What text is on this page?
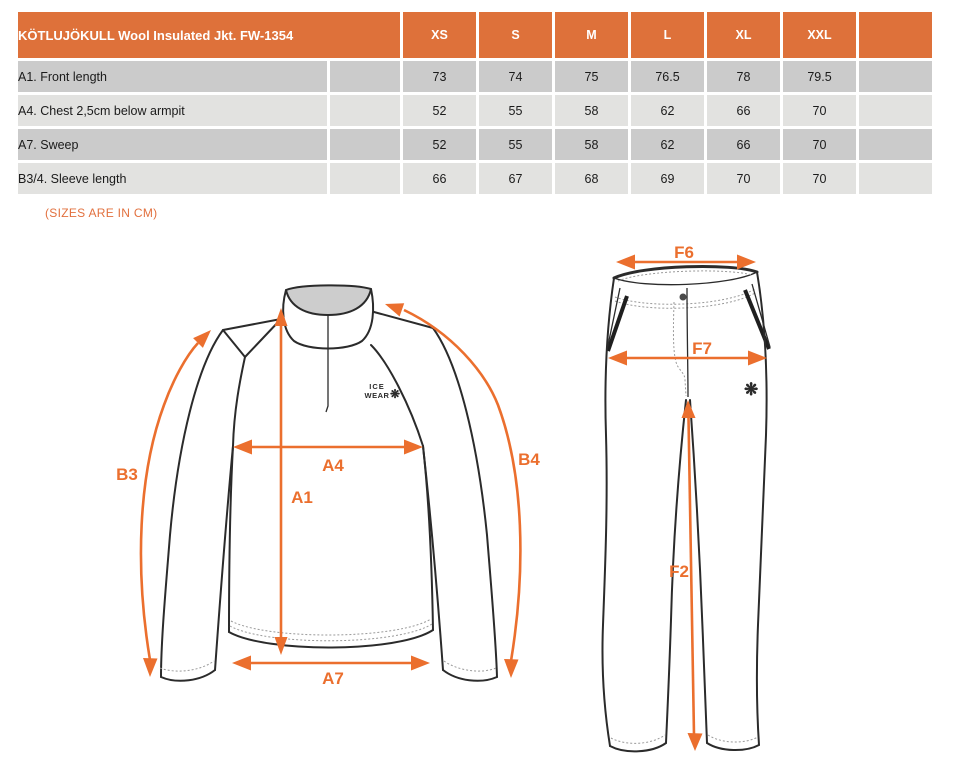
KÖTLUJÖKULL Wool Insulated Jkt. FW-1354		XS	S	M	L	XL	XXL	
A1. Front length		73	74	75	76.5	78	79.5	
A4. Chest 2,5cm below armpit		52	55	58	62	66	70	
A7. Sweep		52	55	58	62	66	70	
B3/4. Sleeve length		66	67	68	69	70	70	
(SIZES ARE IN CM)
ICE
WEAR ❋	❋
A1
A4
A7
B3
B4
F6
F7
F2
